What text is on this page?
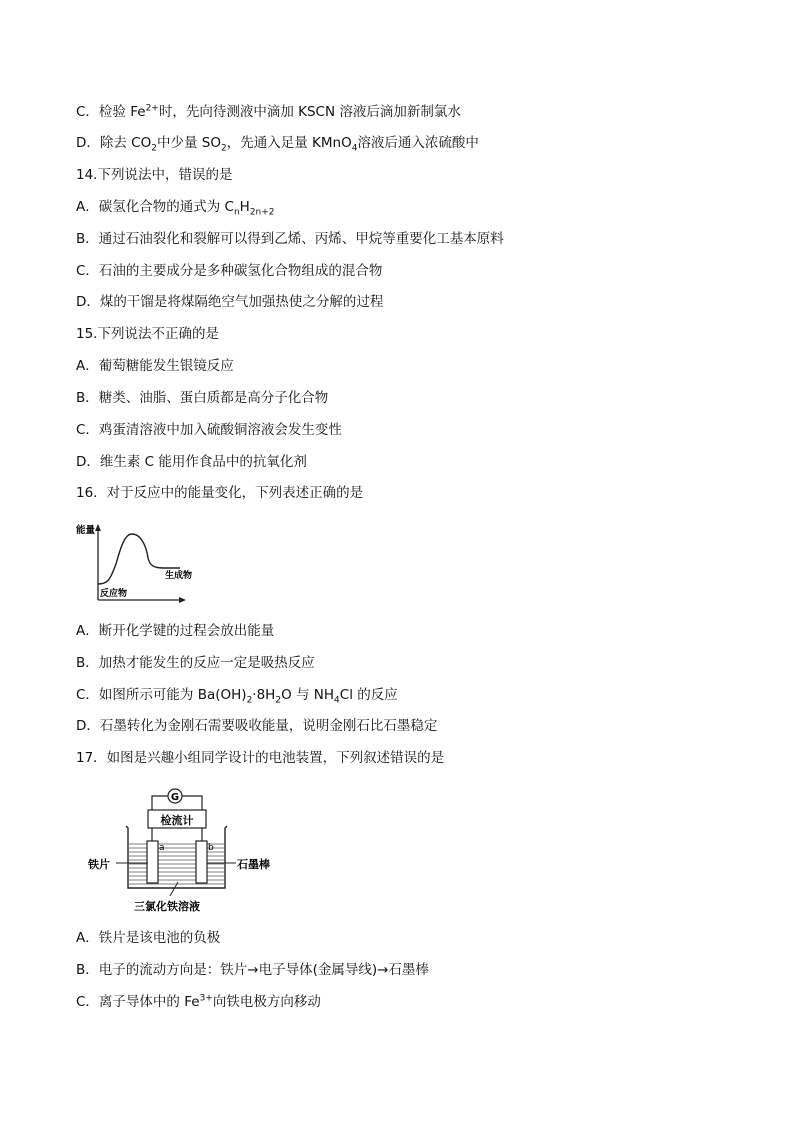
C．检验 $Fe^{2+}$时，先向待测液中滴加 KSCN 溶液后滴加新制氯水
D．除去 $CO_2$中少量 $SO_2$，先通入足量 KMnO$_4$溶液后通入浓硫酸中
14.下列说法中，错误的是
A．碳氢化合物的通式为 $C_nH_{2n+2}$
B．通过石油裂化和裂解可以得到乙烯、丙烯、甲烷等重要化工基本原料
C．石油的主要成分是多种碳氢化合物组成的混合物
D．煤的干馏是将煤隔绝空气加强热使之分解的过程
15.下列说法不正确的是
A．葡萄糖能发生银镜反应
B．糖类、油脂、蛋白质都是高分子化合物
C．鸡蛋清溶液中加入硫酸铜溶液会发生变性
D．维生素 C 能用作食品中的抗氧化剂
16．对于反应中的能量变化，下列表述正确的是
能量
生成物
反应物
A．断开化学键的过程会放出能量
B．加热才能发生的反应一定是吸热反应
C．如图所示可能为 $Ba(OH)_2\cdot 8H_2O$ 与 $NH_4Cl$ 的反应
D．石墨转化为金刚石需要吸收能量，说明金刚石比石墨稳定
17．如图是兴趣小组同学设计的电池装置，下列叙述错误的是
G
检流计
a	b
铁片	石墨棒
三氯化铁溶液
A．铁片是该电池的负极
B．电子的流动方向是：铁片→电子导体(金属导线)→石墨棒
C．离子导体中的 $Fe^{3+}$向铁电极方向移动
